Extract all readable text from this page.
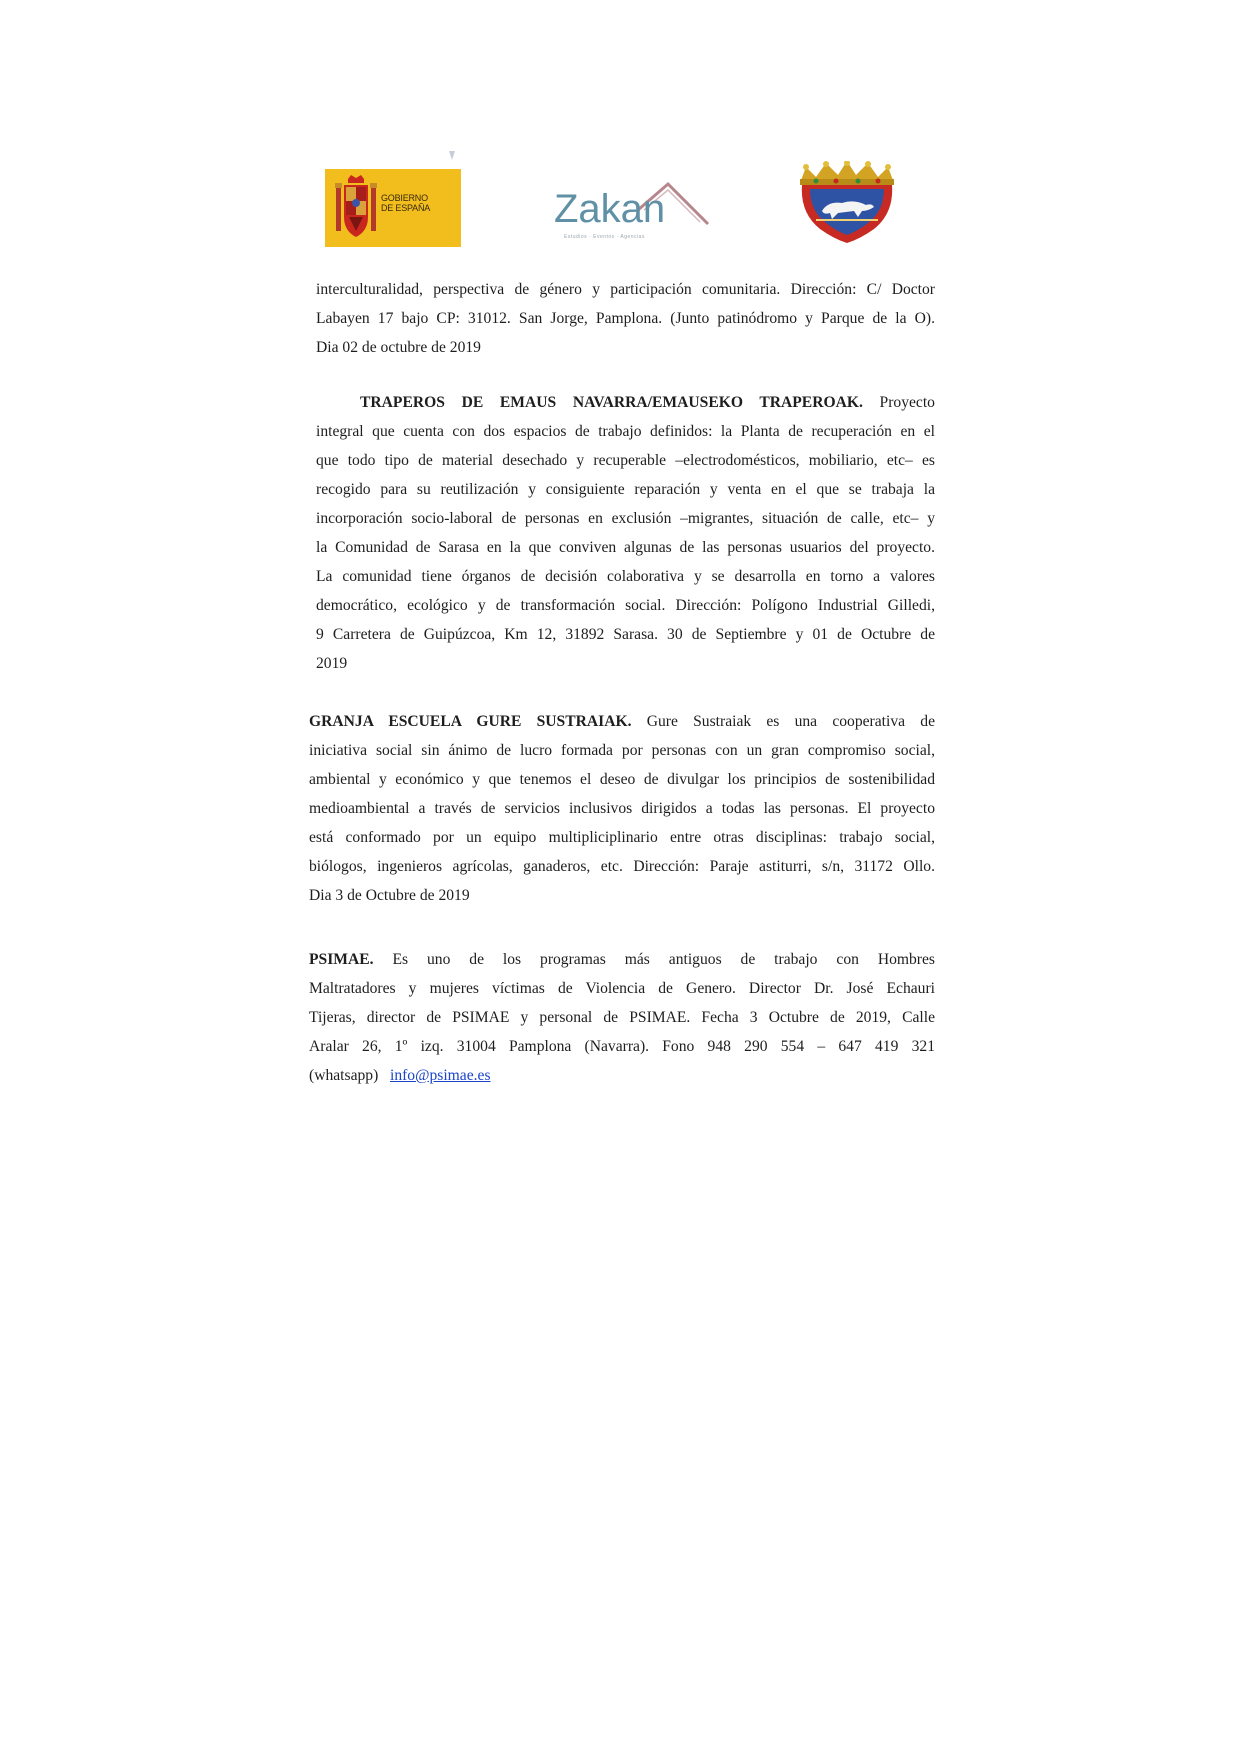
GOBIERNO
DE ESPAÑA	Zakan
Estudios · Eventos · Agencias

interculturalidad, perspectiva de género y participación comunitaria. Dirección: C/ Doctor
Labayen 17 bajo CP: 31012. San Jorge, Pamplona. (Junto patinódromo y Parque de la O).
Dia 02 de octubre de 2019

TRAPEROS DE EMAUS NAVARRA/EMAUSEKO TRAPEROAK. Proyecto
integral que cuenta con dos espacios de trabajo definidos: la Planta de recuperación en el
que todo tipo de material desechado y recuperable –electrodomésticos, mobiliario, etc– es
recogido para su reutilización y consiguiente reparación y venta en el que se trabaja la
incorporación socio-laboral de personas en exclusión –migrantes, situación de calle, etc– y
la Comunidad de Sarasa en la que conviven algunas de las personas usuarios del proyecto.
La comunidad tiene órganos de decisión colaborativa y se desarrolla en torno a valores
democrático, ecológico y de transformación social. Dirección: Polígono Industrial Gilledi,
9 Carretera de Guipúzcoa, Km 12, 31892 Sarasa. 30 de Septiembre y 01 de Octubre de
2019

GRANJA ESCUELA GURE SUSTRAIAK. Gure Sustraiak es una cooperativa de
iniciativa social sin ánimo de lucro formada por personas con un gran compromiso social,
ambiental y económico y que tenemos el deseo de divulgar los principios de sostenibilidad
medioambiental a través de servicios inclusivos dirigidos a todas las personas. El proyecto
está conformado por un equipo multipliciplinario entre otras disciplinas: trabajo social,
biólogos, ingenieros agrícolas, ganaderos, etc. Dirección: Paraje astiturri, s/n, 31172 Ollo.
Dia 3 de Octubre de 2019

PSIMAE. Es uno de los programas más antiguos de trabajo con Hombres
Maltratadores y mujeres víctimas de Violencia de Genero. Director Dr. José Echauri
Tijeras, director de PSIMAE y personal de PSIMAE. Fecha 3 Octubre de 2019, Calle
Aralar 26, 1º izq. 31004 Pamplona (Navarra). Fono 948 290 554 – 647 419 321
(whatsapp)   info@psimae.es
